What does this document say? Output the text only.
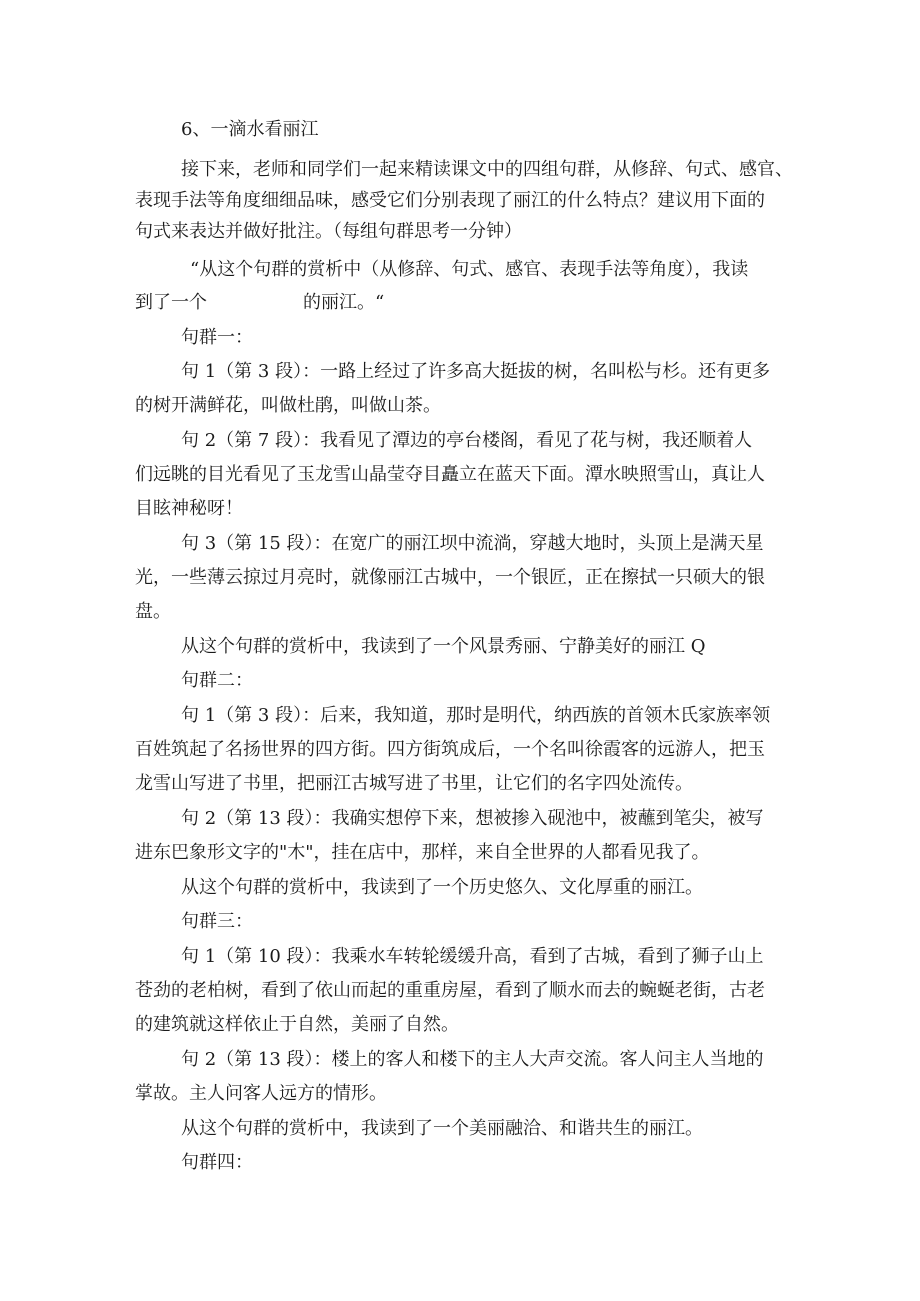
6、一滴水看丽江
接下来，老师和同学们一起来精读课文中的四组句群，从修辞、句式、感官、
表现手法等角度细细品味，感受它们分别表现了丽江的什么特点？建议用下面的
句式来表达并做好批注。（每组句群思考一分钟）
“从这个句群的赏析中（从修辞、句式、感官、表现手法等角度），我读
到了一个	的丽江。“
句群一：
句 1（第 3 段）：一路上经过了许多高大挺拔的树，名叫松与杉。还有更多
的树开满鲜花，叫做杜鹃，叫做山茶。
句 2（第 7 段）：我看见了潭边的亭台楼阁，看见了花与树，我还顺着人
们远眺的目光看见了玉龙雪山晶莹夺目矗立在蓝天下面。潭水映照雪山，真让人
目眩神秘呀！
句 3（第 15 段）：在宽广的丽江坝中流淌，穿越大地时，头顶上是满天星
光，一些薄云掠过月亮时，就像丽江古城中，一个银匠，正在擦拭一只硕大的银
盘。
从这个句群的赏析中，我读到了一个风景秀丽、宁静美好的丽江 Q
句群二：
句 1（第 3 段）：后来，我知道，那时是明代，纳西族的首领木氏家族率领
百姓筑起了名扬世界的四方街。四方街筑成后，一个名叫徐霞客的远游人，把玉
龙雪山写进了书里，把丽江古城写进了书里，让它们的名字四处流传。
句 2（第 13 段）：我确实想停下来，想被掺入砚池中，被蘸到笔尖，被写
进东巴象形文字的"木"，挂在店中，那样，来自全世界的人都看见我了。
从这个句群的赏析中，我读到了一个历史悠久、文化厚重的丽江。
句群三：
句 1（第 10 段）：我乘水车转轮缓缓升高，看到了古城，看到了狮子山上
苍劲的老柏树，看到了依山而起的重重房屋，看到了顺水而去的蜿蜒老街，古老
的建筑就这样依止于自然，美丽了自然。
句 2（第 13 段）：楼上的客人和楼下的主人大声交流。客人问主人当地的
掌故。主人问客人远方的情形。
从这个句群的赏析中，我读到了一个美丽融洽、和谐共生的丽江。
句群四：
